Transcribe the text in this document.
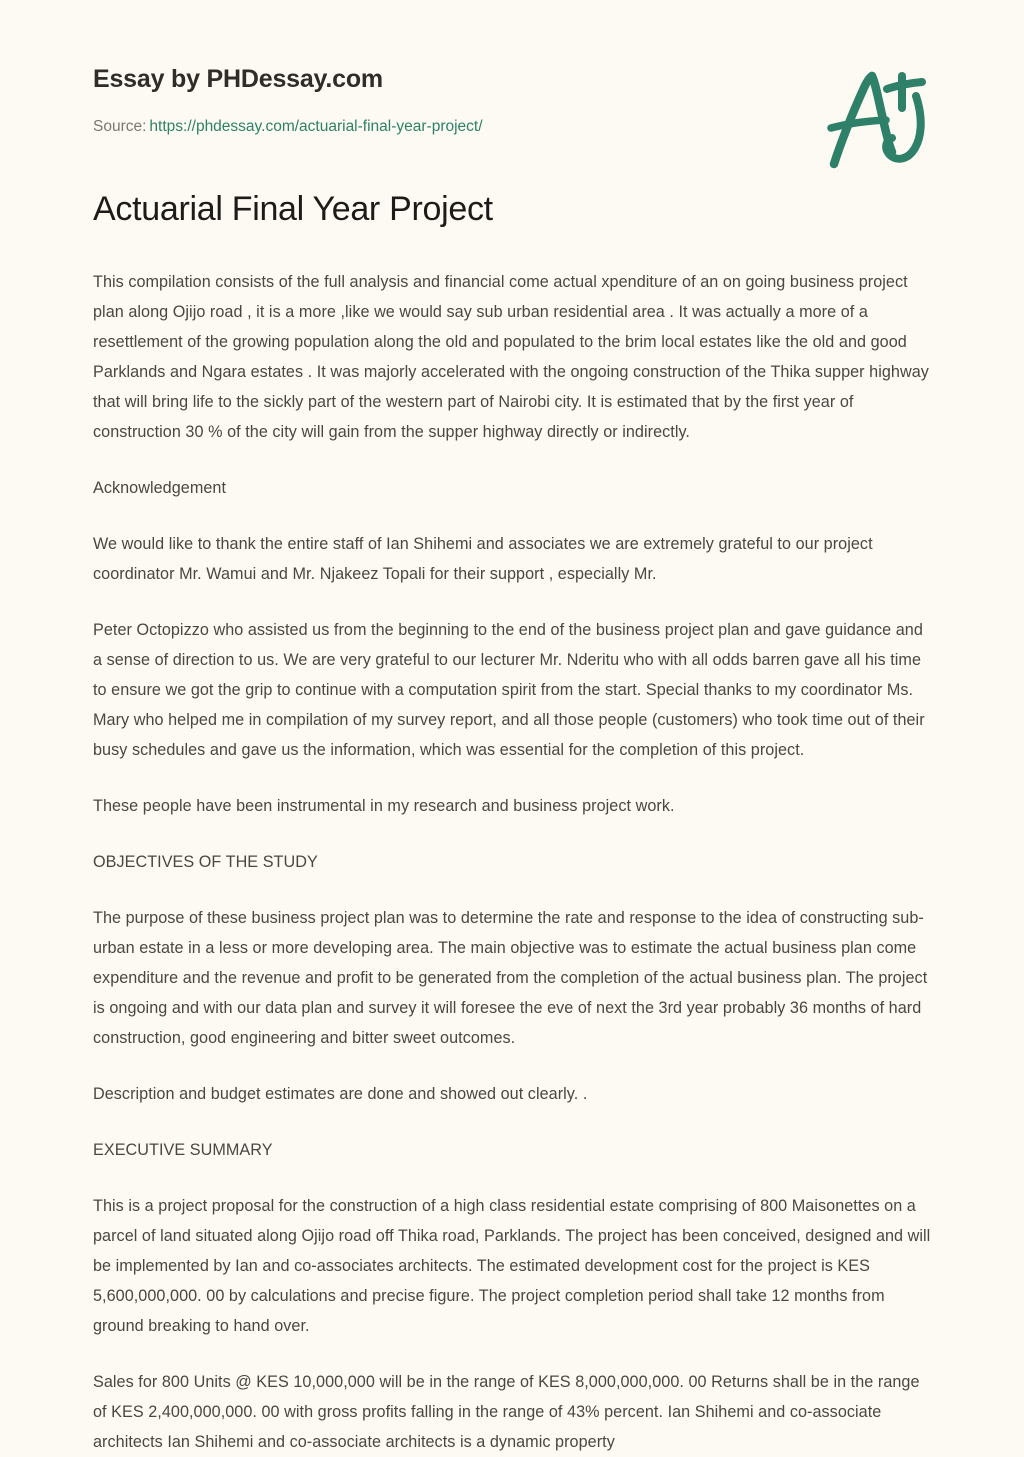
Essay by PHDessay.com
Source: https://phdessay.com/actuarial-final-year-project/
Actuarial Final Year Project

This compilation consists of the full analysis and financial come actual xpenditure of an on going business project plan along Ojijo road , it is a more ,like we would say sub urban residential area . It was actually a more of a resettlement of the growing population along the old and populated to the brim local estates like the old and good Parklands and Ngara estates . It was majorly accelerated with the ongoing construction of the Thika supper highway that will bring life to the sickly part of the western part of Nairobi city. It is estimated that by the first year of construction 30 % of the city will gain from the supper highway directly or indirectly.

Acknowledgement

We would like to thank the entire staff of Ian Shihemi and associates we are extremely grateful to our project coordinator Mr. Wamui and Mr. Njakeez Topali for their support , especially Mr.

Peter Octopizzo who assisted us from the beginning to the end of the business project plan and gave guidance and a sense of direction to us. We are very grateful to our lecturer Mr. Nderitu who with all odds barren gave all his time to ensure we got the grip to continue with a computation spirit from the start. Special thanks to my coordinator Ms. Mary who helped me in compilation of my survey report, and all those people (customers) who took time out of their busy schedules and gave us the information, which was essential for the completion of this project.

These people have been instrumental in my research and business project work.

OBJECTIVES OF THE STUDY

The purpose of these business project plan was to determine the rate and response to the idea of constructing sub-urban estate in a less or more developing area. The main objective was to estimate the actual business plan come expenditure and the revenue and profit to be generated from the completion of the actual business plan. The project is ongoing and with our data plan and survey it will foresee the eve of next the 3rd year probably 36 months of hard construction, good engineering and bitter sweet outcomes.

Description and budget estimates are done and showed out clearly. .

EXECUTIVE SUMMARY

This is a project proposal for the construction of a high class residential estate comprising of 800 Maisonettes on a parcel of land situated along Ojijo road off Thika road, Parklands. The project has been conceived, designed and will be implemented by Ian and co-associates architects. The estimated development cost for the project is KES 5,600,000,000. 00 by calculations and precise figure. The project completion period shall take 12 months from ground breaking to hand over.

Sales for 800 Units @ KES 10,000,000 will be in the range of KES 8,000,000,000. 00 Returns shall be in the range of KES 2,400,000,000. 00 with gross profits falling in the range of 43% percent. Ian Shihemi and co-associate architects Ian Shihemi and co-associate architects is a dynamic property
